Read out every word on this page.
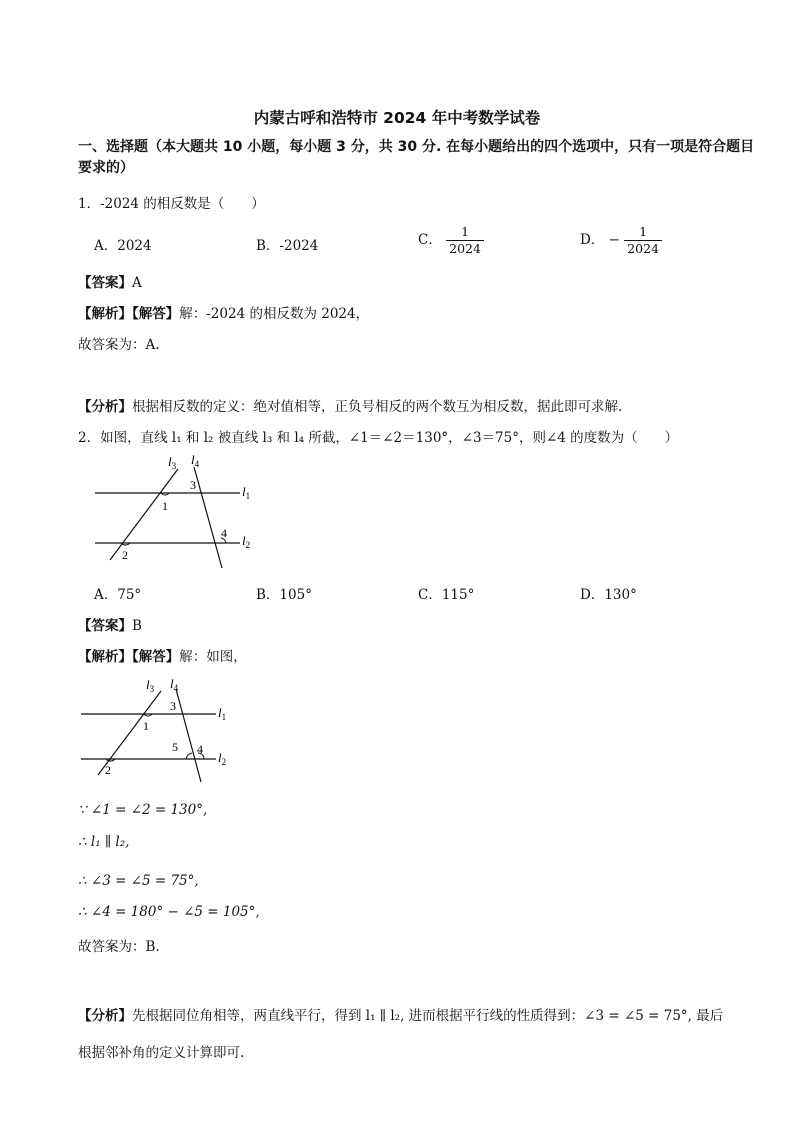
内蒙古呼和浩特市 2024 年中考数学试卷
一、选择题（本大题共 10 小题，每小题 3 分，共 30 分. 在每小题给出的四个选项中，只有一项是符合题目要求的）
1．-2024 的相反数是（　　）
A．2024	B．-2024	C． $\frac{1}{2024}$	D． − $\frac{1}{2024}$
【答案】A
【解析】【解答】解：-2024 的相反数为 2024，
故答案为：A.
【分析】根据相反数的定义：绝对值相等，正负号相反的两个数互为相反数，据此即可求解.
2．如图，直线 l₁ 和 l₂ 被直线 l₃ 和 l₄ 所截，∠1＝∠2＝130°，∠3＝75°，则∠4 的度数为（　　）
$l_3$ $l_4$
$l_1$
$l_2$
1
2
3
4
A．75°	B．105°	C．115°	D．130°
【答案】B
【解析】【解答】解：如图，
$l_3$ $l_4$
$l_1$
$l_2$
1
2
3
4
5
∵ ∠1 = ∠2 = 130°,
∴ l₁ ∥ l₂,
∴ ∠3 = ∠5 = 75°,
∴ ∠4 = 180° − ∠5 = 105°,
故答案为：B.
【分析】先根据同位角相等，两直线平行，得到 l₁ ∥ l₂, 进而根据平行线的性质得到：∠3 = ∠5 = 75°, 最后
根据邻补角的定义计算即可.
